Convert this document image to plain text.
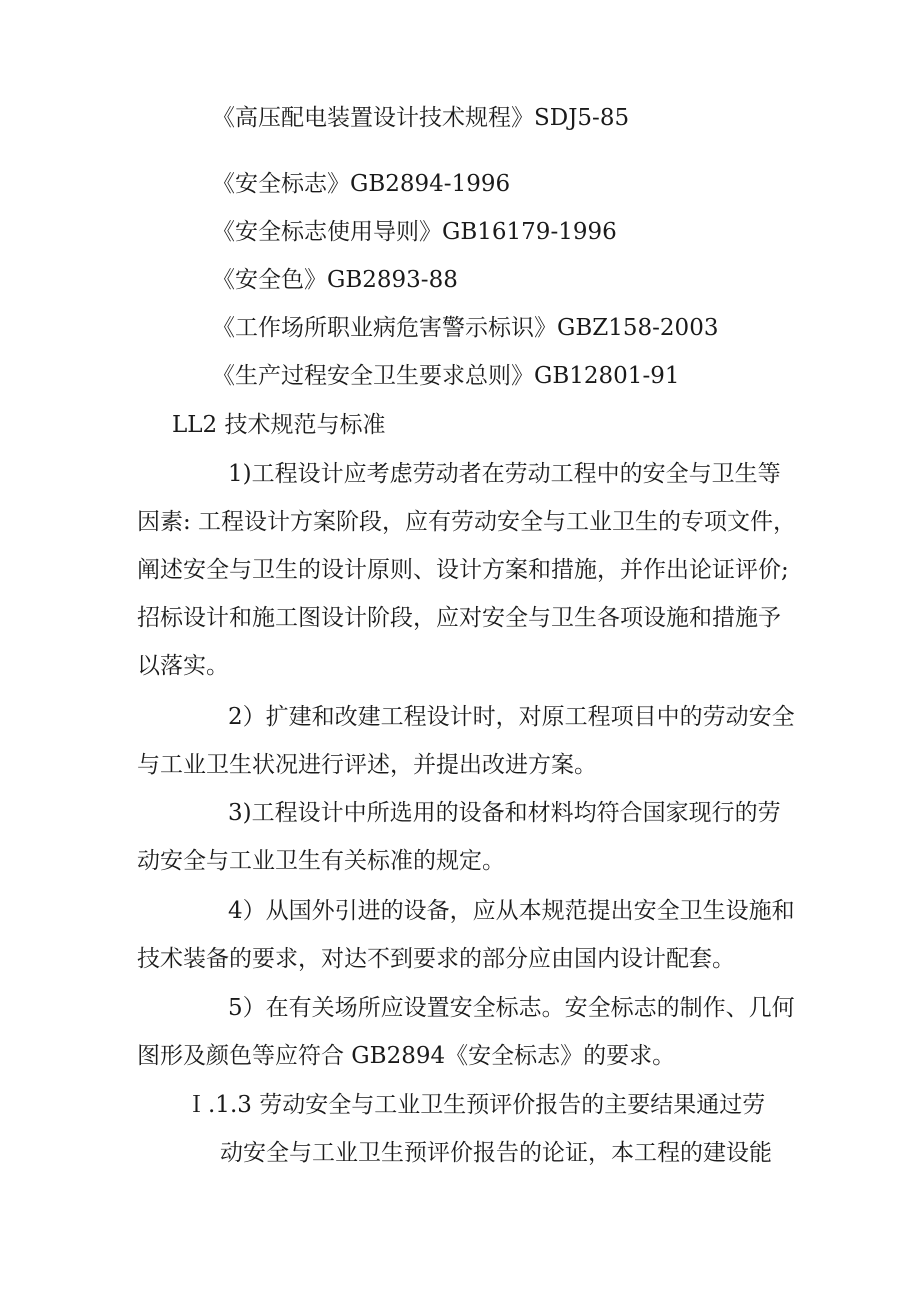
《高压配电装置设计技术规程》SDJ5-85
《安全标志》GB2894-1996
《安全标志使用导则》GB16179-1996
《安全色》GB2893-88
《工作场所职业病危害警示标识》GBZ158-2003
《生产过程安全卫生要求总则》GB12801-91
LL2 技术规范与标准
1)工程设计应考虑劳动者在劳动工程中的安全与卫生等
因素: 工程设计方案阶段，应有劳动安全与工业卫生的专项文件，
阐述安全与卫生的设计原则、设计方案和措施，并作出论证评价;
招标设计和施工图设计阶段，应对安全与卫生各项设施和措施予
以落实。
2）扩建和改建工程设计时，对原工程项目中的劳动安全
与工业卫生状况进行评述，并提出改进方案。
3)工程设计中所选用的设备和材料均符合国家现行的劳
动安全与工业卫生有关标准的规定。
4）从国外引进的设备，应从本规范提出安全卫生设施和
技术装备的要求，对达不到要求的部分应由国内设计配套。
5）在有关场所应设置安全标志。安全标志的制作、几何
图形及颜色等应符合 GB2894《安全标志》的要求。
Ｉ.1.3 劳动安全与工业卫生预评价报告的主要结果通过劳
动安全与工业卫生预评价报告的论证，本工程的建设能
